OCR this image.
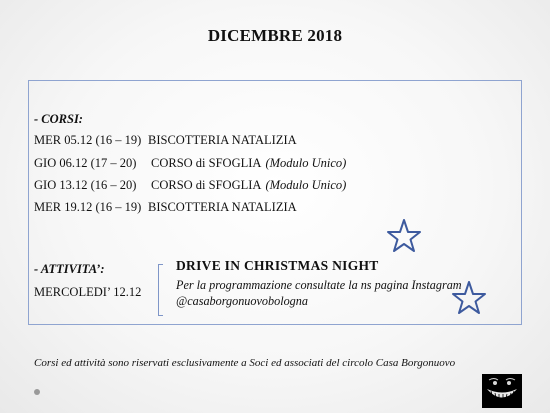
DICEMBRE 2018
- CORSI:
MER 05.12 (16 – 19) BISCOTTERIA NATALIZIA
GIO 06.12 (17 – 20) CORSO di SFOGLIA (Modulo Unico)
GIO 13.12 (16 – 20) CORSO di SFOGLIA (Modulo Unico)
MER 19.12 (16 – 19) BISCOTTERIA NATALIZIA
- ATTIVITA’:
MERCOLEDI’ 12.12
DRIVE IN CHRISTMAS NIGHT
Per la programmazione consultate la ns pagina Instagram
@casaborgonuovobologna
Corsi ed attività sono riservati esclusivamente a Soci ed associati del circolo Casa Borgonuovo
